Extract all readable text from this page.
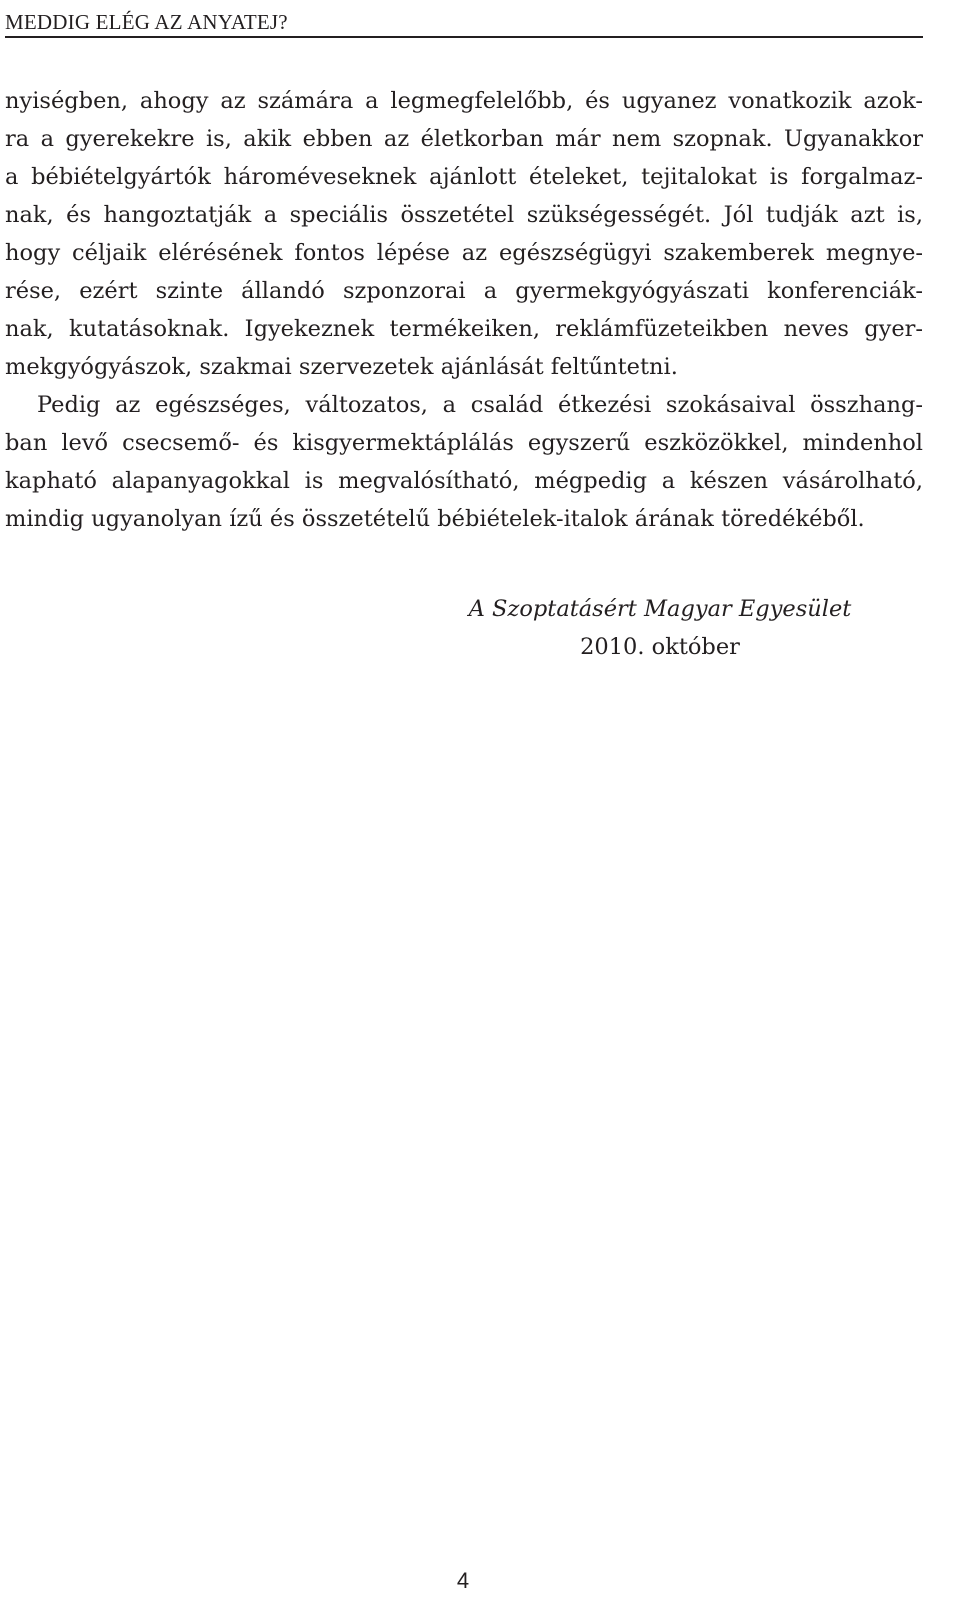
MEDDIG ELÉG AZ ANYATEJ?
nyiségben, ahogy az számára a legmegfelelőbb, és ugyanez vonatkozik azok-
ra a gyerekekre is, akik ebben az életkorban már nem szopnak. Ugyanakkor
a bébiételgyártók hároméveseknek ajánlott ételeket, tejitalokat is forgalmaz-
nak, és hangoztatják a speciális összetétel szükségességét. Jól tudják azt is,
hogy céljaik elérésének fontos lépése az egészségügyi szakemberek megnye-
rése, ezért szinte állandó szponzorai a gyermekgyógyászati konferenciák-
nak, kutatásoknak. Igyekeznek termékeiken, reklámfüzeteikben neves gyer-
mekgyógyászok, szakmai szervezetek ajánlását feltűntetni.
Pedig az egészséges, változatos, a család étkezési szokásaival összhang-
ban levő csecsemő- és kisgyermektáplálás egyszerű eszközökkel, mindenhol
kapható alapanyagokkal is megvalósítható, mégpedig a készen vásárolható,
mindig ugyanolyan ízű és összetételű bébiételek-italok árának töredékéből.
A Szoptatásért Magyar Egyesület
2010. október
4
